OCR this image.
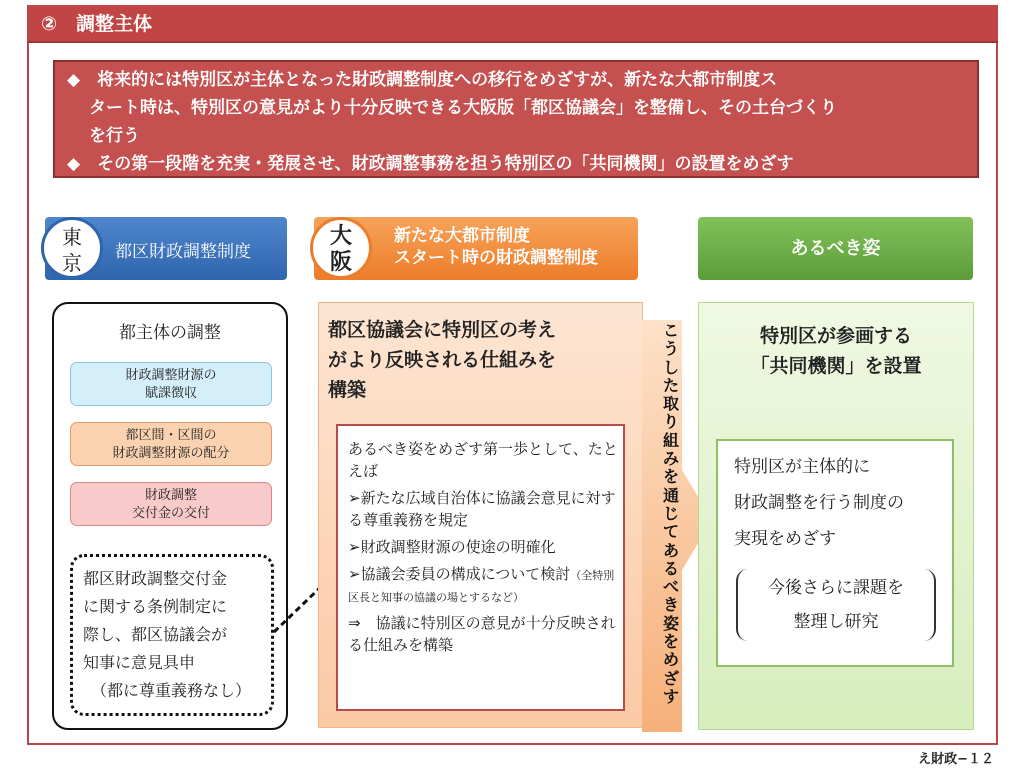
②　調整主体
◆　将来的には特別区が主体となった財政調整制度への移行をめざすが、新たな大都市制度ス
タート時は、特別区の意見がより十分反映できる大阪版「都区協議会」を整備し、その土台づくり
を行う
◆　その第一段階を充実・発展させ、財政調整事務を担う特別区の「共同機関」の設置をめざす
東
京	都区財政調整制度
大
阪
新たな大都市制度
スタート時の財政調整制度	あるべき姿
都主体の調整
財政調整財源の
賦課徴収
都区間・区間の
財政調整財源の配分
財政調整
交付金の交付
都区財政調整交付金
に関する条例制定に
際し、都区協議会が
知事に意見具申
（都に尊重義務なし）
都区協議会に特別区の考え
がより反映される仕組みを
構築
あるべき姿をめざす第一歩として、たとえば
➢新たな広域自治体に協議会意見に対する尊重義務を規定
➢財政調整財源の使途の明確化
➢協議会委員の構成について検討（全特別区長と知事の協議の場とするなど）
⇒　協議に特別区の意見が十分反映される仕組みを構築
こうした取り組みを通じてあるべき姿をめざす
特別区が参画する
「共同機関」を設置
特別区が主体的に
財政調整を行う制度の
実現をめざす
今後さらに課題を
整理し研究
え財政−１２
